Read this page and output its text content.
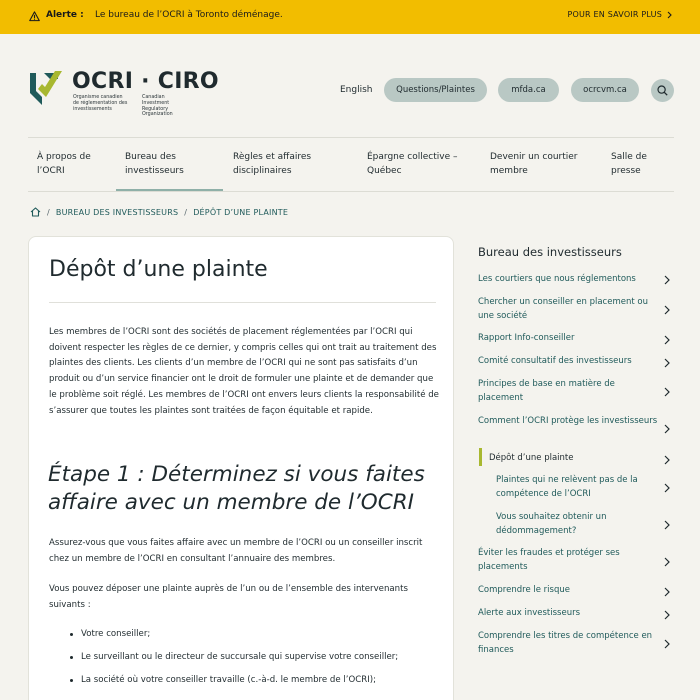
Alerte : Le bureau de l’OCRI à Toronto déménage.	POUR EN SAVOIR PLUS
OCRI · CIRO
Organisme canadien de réglementation des investissements
Canadian Investment Regulatory Organization
English	Questions/Plaintes	mfda.ca	ocrcvm.ca
À propos de l’OCRI
Bureau des investisseurs
Règles et affaires disciplinaires
Épargne collective – Québec
Devenir un courtier membre
Salle de presse
/ BUREAU DES INVESTISSEURS / DÉPÔT D’UNE PLAINTE
Dépôt d’une plainte

Les membres de l’OCRI sont des sociétés de placement réglementées par l’OCRI qui doivent respecter les règles de ce dernier, y compris celles qui ont trait au traitement des plaintes des clients. Les clients d’un membre de l’OCRI qui ne sont pas satisfaits d’un produit ou d’un service financier ont le droit de formuler une plainte et de demander que le problème soit réglé. Les membres de l’OCRI ont envers leurs clients la responsabilité de s’assurer que toutes les plaintes sont traitées de façon équitable et rapide.

Étape 1 : Déterminez si vous faites affaire avec un membre de l’OCRI

Assurez-vous que vous faites affaire avec un membre de l’OCRI ou un conseiller inscrit chez un membre de l’OCRI en consultant l’annuaire des membres.

Vous pouvez déposer une plainte auprès de l’un ou de l’ensemble des intervenants suivants :

Votre conseiller;
Le surveillant ou le directeur de succursale qui supervise votre conseiller;
La société où votre conseiller travaille (c.-à-d. le membre de l’OCRI);
Bureau des investisseurs
Les courtiers que nous réglementons
Chercher un conseiller en placement ou une société
Rapport Info-conseiller
Comité consultatif des investisseurs
Principes de base en matière de placement
Comment l’OCRI protège les investisseurs
Dépôt d’une plainte
Plaintes qui ne relèvent pas de la compétence de l’OCRI
Vous souhaitez obtenir un dédommagement?
Éviter les fraudes et protéger ses placements
Comprendre le risque
Alerte aux investisseurs
Comprendre les titres de compétence en finances
